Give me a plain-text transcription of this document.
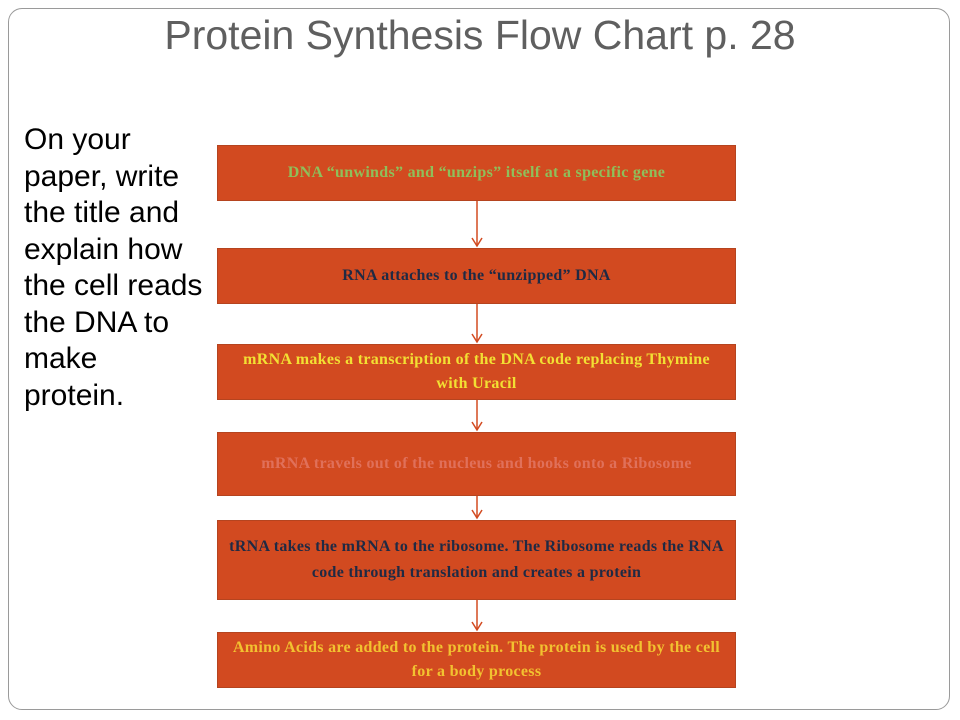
Protein Synthesis Flow Chart p. 28
On your paper, write the title and explain how the cell reads the DNA to make protein.
DNA “unwinds” and “unzips” itself at a specific gene
RNA attaches to the “unzipped” DNA
mRNA makes a transcription of the DNA code replacing Thymine with Uracil
mRNA travels out of the nucleus and hooks onto a Ribosome
tRNA takes the mRNA to the ribosome. The Ribosome reads the RNA code through translation and creates a protein
Amino Acids are added to the protein. The protein is used by the cell for a body process
